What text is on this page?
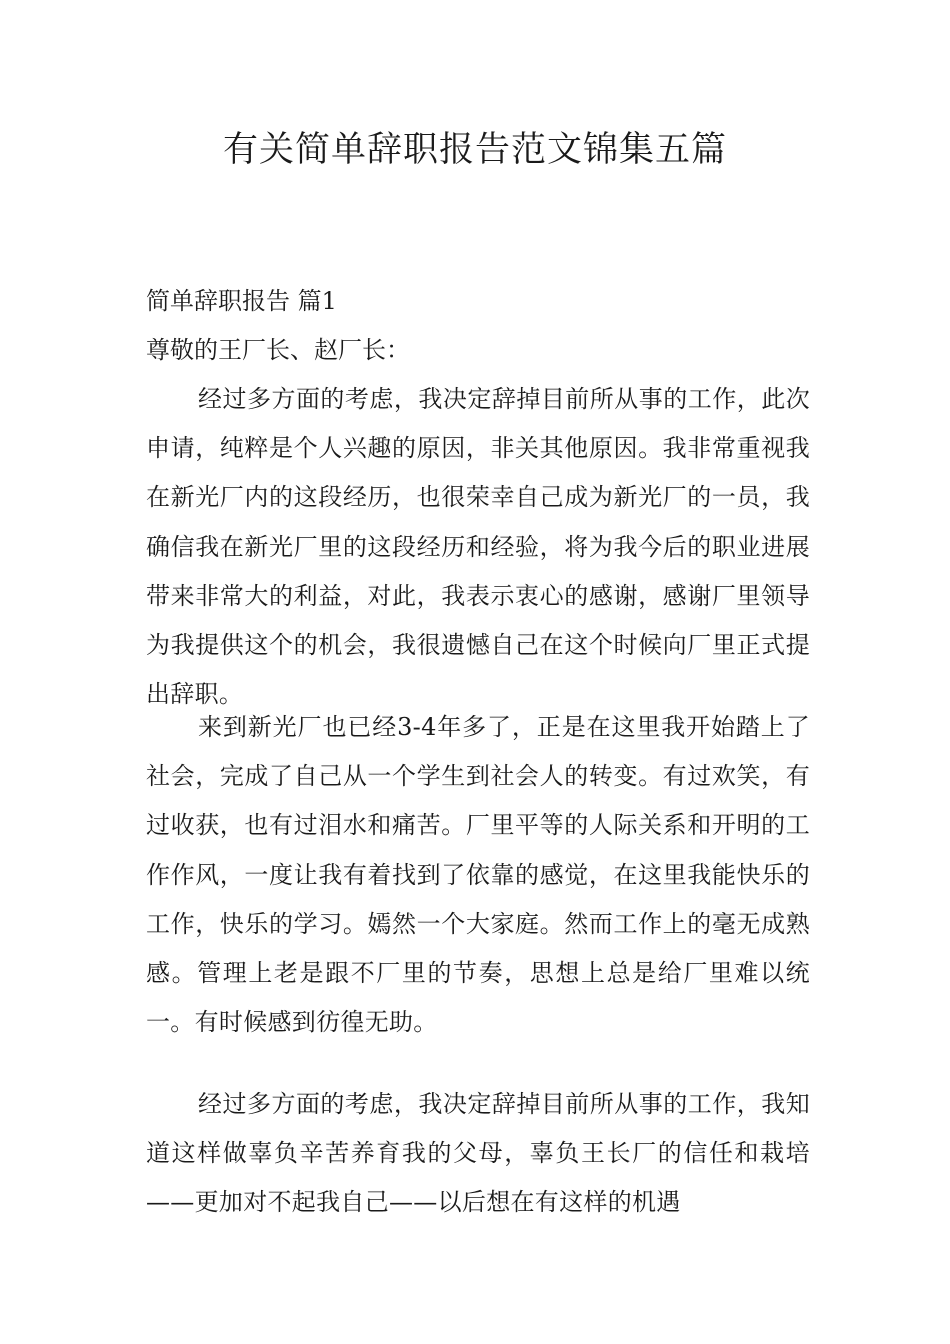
有关简单辞职报告范文锦集五篇

简单辞职报告 篇1

尊敬的王厂长、赵厂长：

经过多方面的考虑，我决定辞掉目前所从事的工作，此次申请，纯粹是个人兴趣的原因，非关其他原因。我非常重视我在新光厂内的这段经历，也很荣幸自己成为新光厂的一员，我确信我在新光厂里的这段经历和经验，将为我今后的职业进展带来非常大的利益，对此，我表示衷心的感谢，感谢厂里领导为我提供这个的机会，我很遗憾自己在这个时候向厂里正式提出辞职。

来到新光厂也已经3-4年多了，正是在这里我开始踏上了社会，完成了自己从一个学生到社会人的转变。有过欢笑，有过收获，也有过泪水和痛苦。厂里平等的人际关系和开明的工作作风，一度让我有着找到了依靠的感觉，在这里我能快乐的工作，快乐的学习。嫣然一个大家庭。然而工作上的毫无成熟感。管理上老是跟不厂里的节奏，思想上总是给厂里难以统一。有时候感到彷徨无助。

经过多方面的考虑，我决定辞掉目前所从事的工作，我知道这样做辜负辛苦养育我的父母，辜负王长厂的信任和栽培——更加对不起我自己——以后想在有这样的机遇
